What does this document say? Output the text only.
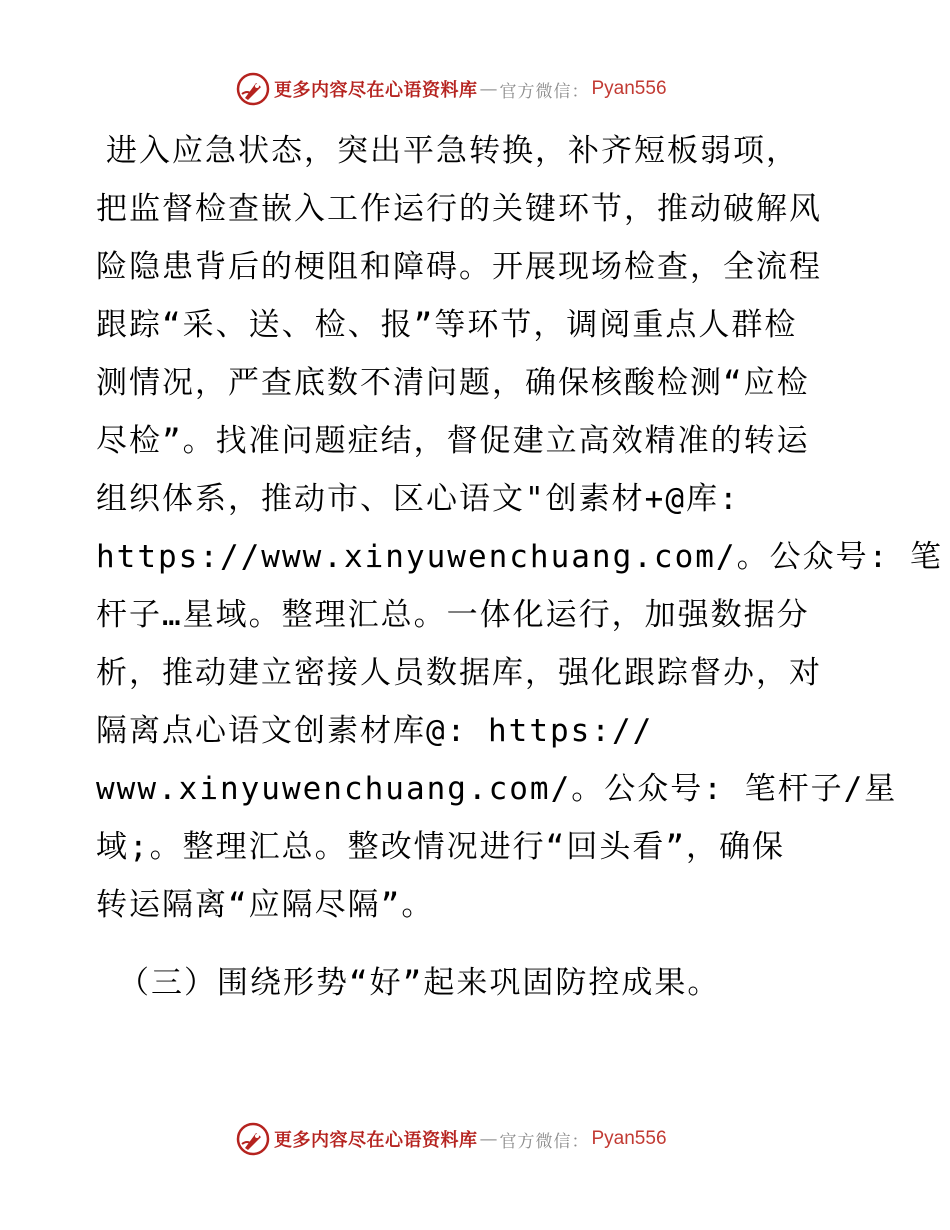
更多内容尽在心语资料库 — 官方微信： Pyan556
进入应急状态，突出平急转换，补齐短板弱项，
把监督检查嵌入工作运行的关键环节，推动破解风
险隐患背后的梗阻和障碍。开展现场检查，全流程
跟踪“采、送、检、报”等环节，调阅重点人群检
测情况，严查底数不清问题，确保核酸检测“应检
尽检”。找准问题症结，督促建立高效精准的转运
组织体系，推动市、区心语文"创素材+@库:
https://www.xinyuwenchuang.com/。公众号: 笔
杆子…星域。整理汇总。一体化运行，加强数据分
析，推动建立密接人员数据库，强化跟踪督办，对
隔离点心语文创素材库@: https://
www.xinyuwenchuang.com/。公众号: 笔杆子/星
域;。整理汇总。整改情况进行“回头看”，确保
转运隔离“应隔尽隔”。
（三）围绕形势“好”起来巩固防控成果。
更多内容尽在心语资料库 — 官方微信： Pyan556
